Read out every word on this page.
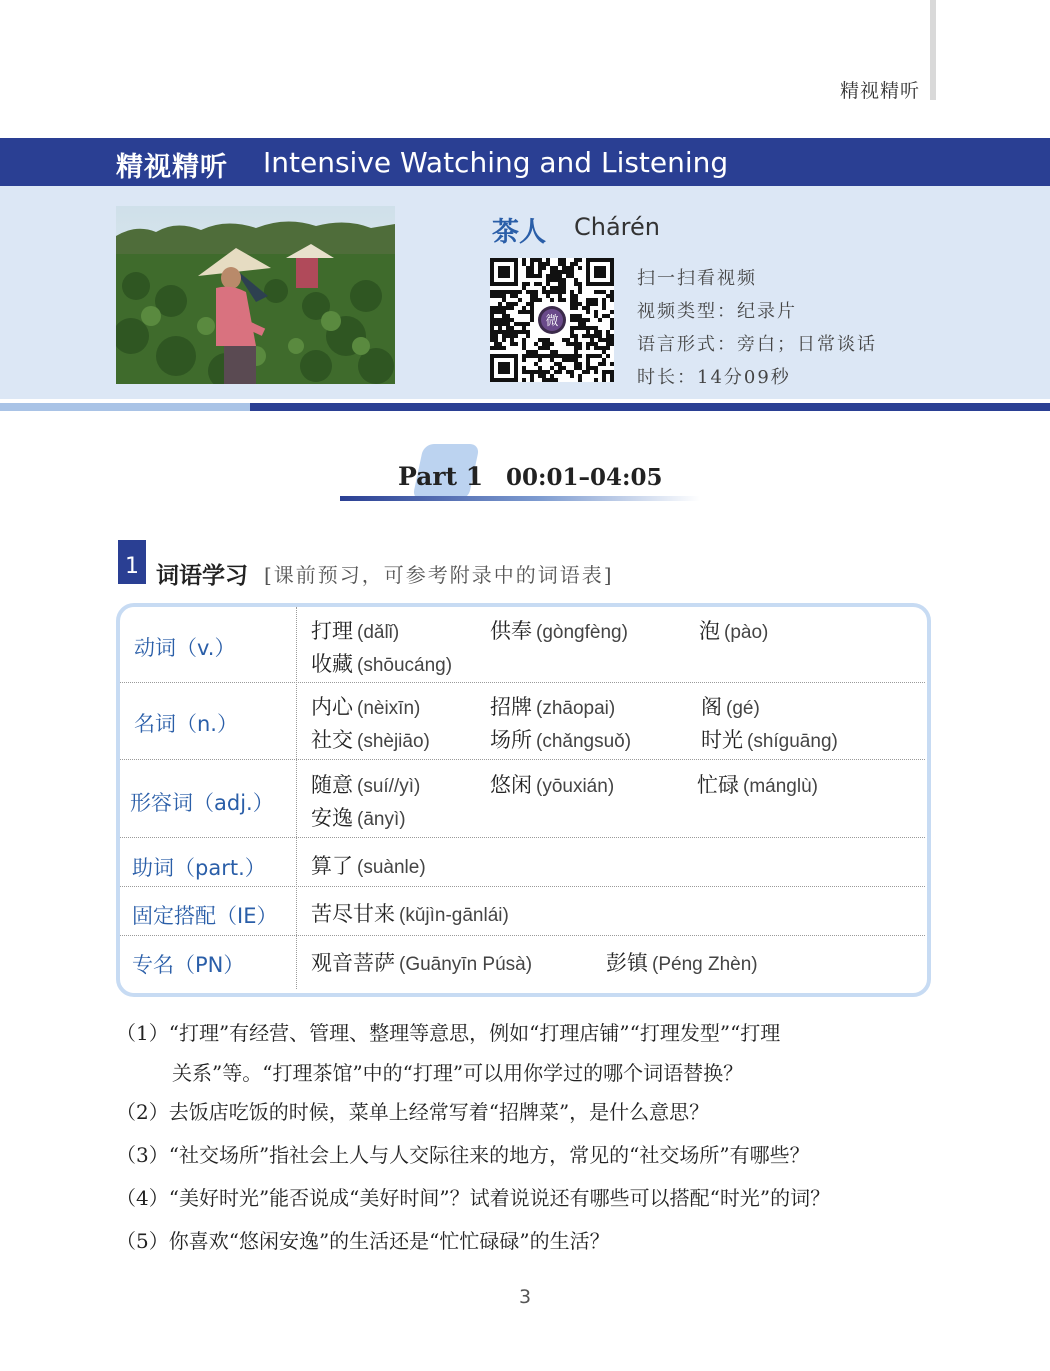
精视精听
精视精听 Intensive Watching and Listening
茶人 Chárén
微
扫一扫看视频
视频类型：纪录片
语言形式：旁白；日常谈话
时长：14分09秒
Part 1 00:01–04:05
1 词语学习 [课前预习，可参考附录中的词语表]
动词（v.）
打理 (dǎlǐ)	供奉 (gòngfèng)	泡 (pào)
收藏 (shōucáng)
名词（n.）
内心 (nèixīn)	招牌 (zhāopai)	阁 (gé)
社交 (shèjiāo)	场所 (chǎngsuǒ)	时光 (shíguāng)
形容词（adj.）
随意 (suí//yì)	悠闲 (yōuxián)	忙碌 (mánglù)
安逸 (ānyì)
助词（part.） 算了 (suànle)
固定搭配（IE） 苦尽甘来 (kǔjìn-gānlái)
专名（PN）	观音菩萨 (Guānyīn Púsà)	彭镇 (Péng Zhèn)
（1）“打理”有经营、管理、整理等意思，例如“打理店铺”“打理发型”“打理
关系”等。“打理茶馆”中的“打理”可以用你学过的哪个词语替换？
（2）去饭店吃饭的时候，菜单上经常写着“招牌菜”，是什么意思？
（3）“社交场所”指社会上人与人交际往来的地方，常见的“社交场所”有哪些？
（4）“美好时光”能否说成“美好时间”？试着说说还有哪些可以搭配“时光”的词？
（5）你喜欢“悠闲安逸”的生活还是“忙忙碌碌”的生活？
3
